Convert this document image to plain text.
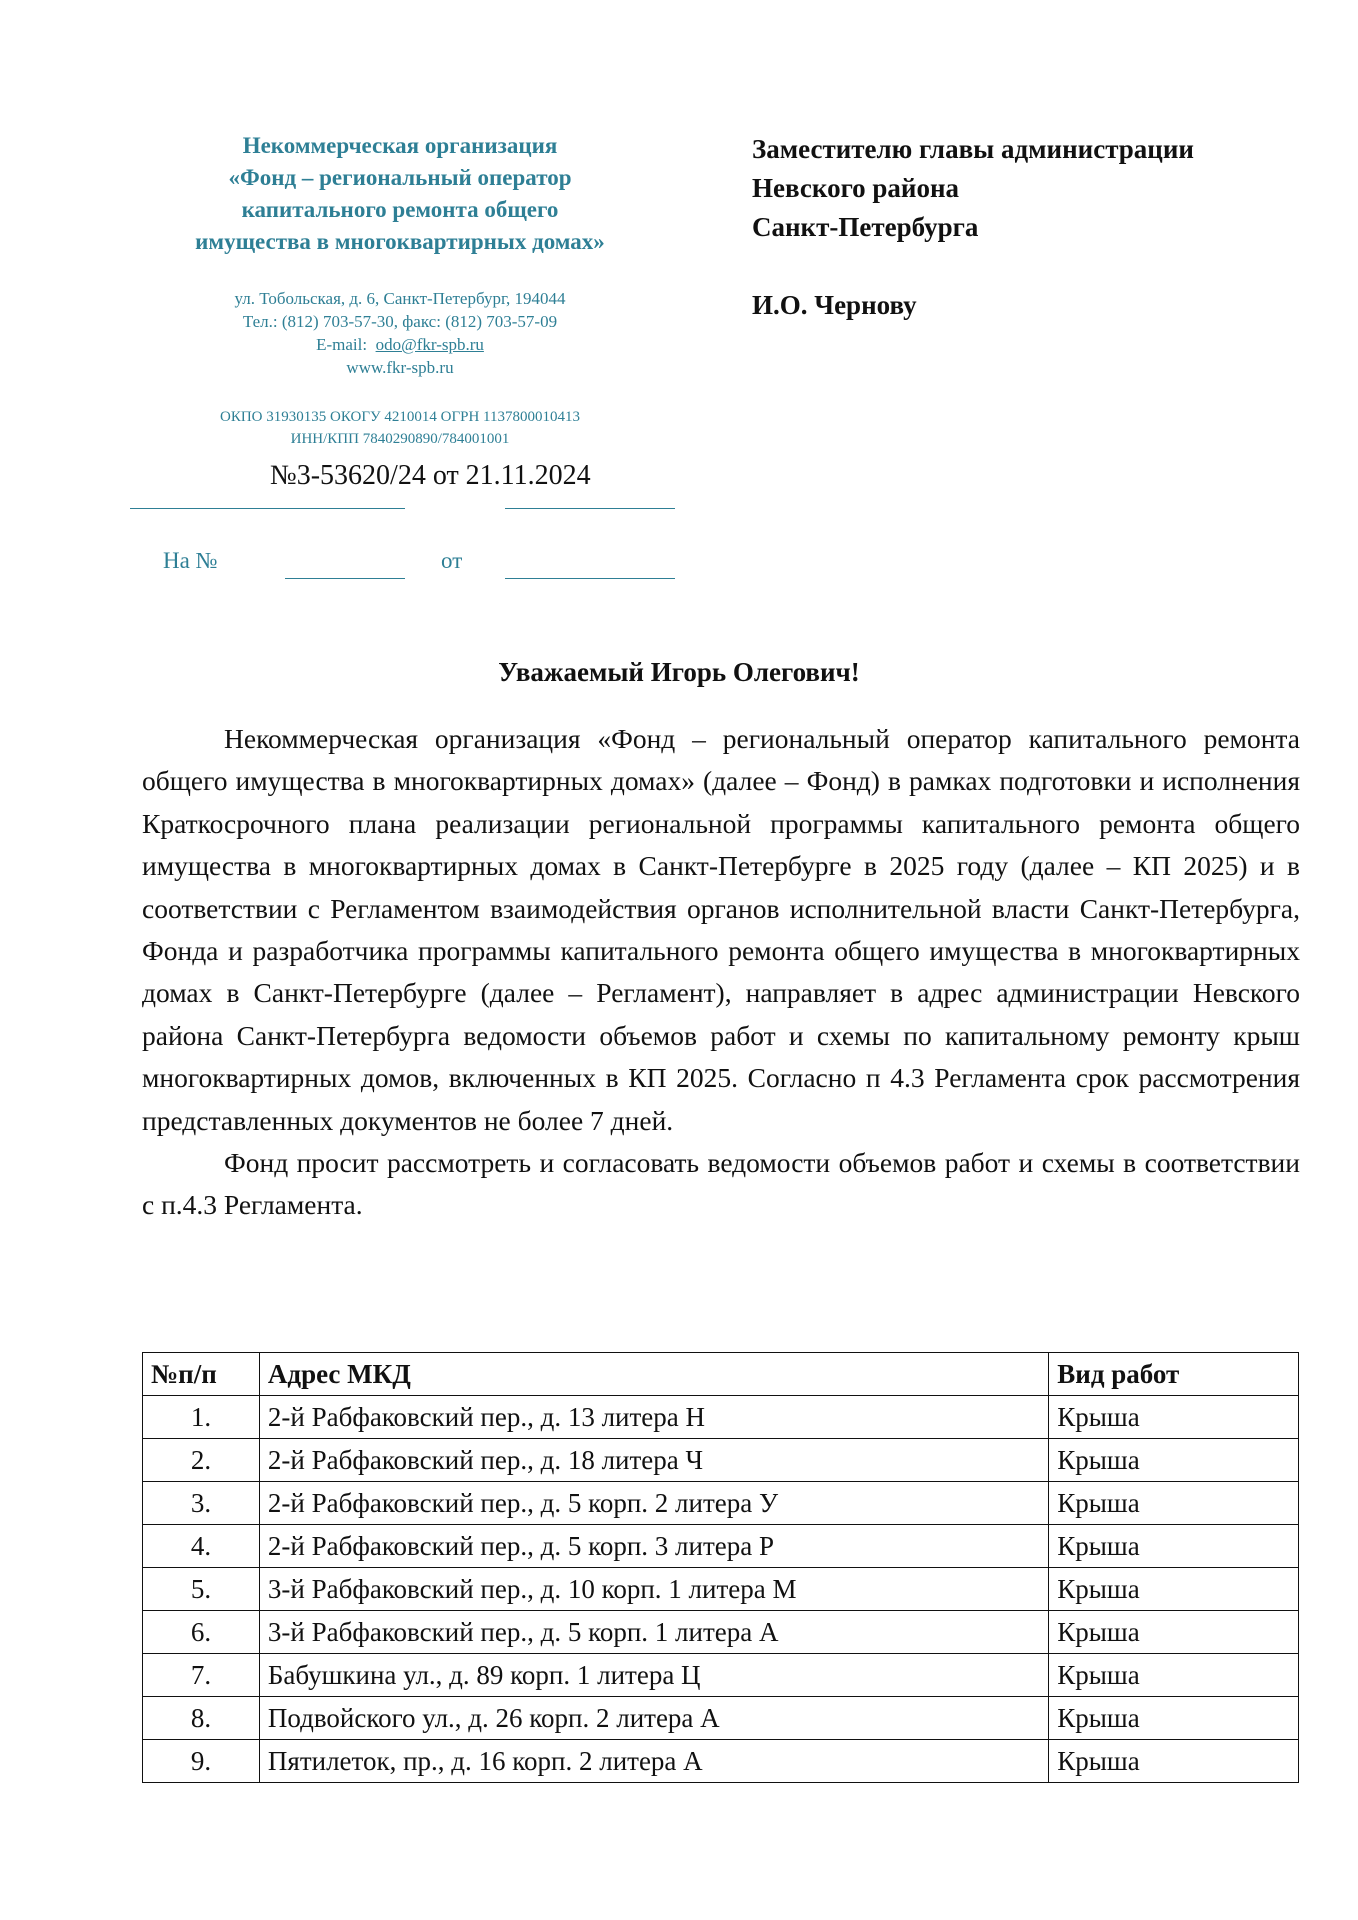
Некоммерческая организация
«Фонд – региональный оператор
капитального ремонта общего
имущества в многоквартирных домах»
ул. Тобольская, д. 6, Санкт-Петербург, 194044
Тел.: (812) 703-57-30, факс: (812) 703-57-09
E-mail: odo@fkr-spb.ru
www.fkr-spb.ru
ОКПО 31930135 ОКОГУ 4210014 ОГРН 1137800010413
ИНН/КПП 7840290890/784001001
№3-53620/24 от 21.11.2024
На №	от
Заместителю главы администрации
Невского района
Санкт-Петербурга
И.О. Чернову
Уважаемый Игорь Олегович!

Некоммерческая организация «Фонд – региональный оператор капитального ремонта общего имущества в многоквартирных домах» (далее – Фонд) в рамках подготовки и исполнения Краткосрочного плана реализации региональной программы капитального ремонта общего имущества в многоквартирных домах в Санкт-Петербурге в 2025 году (далее – КП 2025) и в соответствии с Регламентом взаимодействия органов исполнительной власти Санкт-Петербурга, Фонда и разработчика программы капитального ремонта общего имущества в многоквартирных домах в Санкт-Петербурге (далее – Регламент), направляет в адрес администрации Невского района Санкт-Петербурга ведомости объемов работ и схемы по капитальному ремонту крыш многоквартирных домов, включенных в КП 2025. Согласно п 4.3 Регламента срок рассмотрения представленных документов не более 7 дней.

Фонд просит рассмотреть и согласовать ведомости объемов работ и схемы в соответствии с п.4.3 Регламента.

№п/п	Адрес МКД	Вид работ
1.	2-й Рабфаковский пер., д. 13 литера Н	Крыша
2.	2-й Рабфаковский пер., д. 18 литера Ч	Крыша
3.	2-й Рабфаковский пер., д. 5 корп. 2 литера У	Крыша
4.	2-й Рабфаковский пер., д. 5 корп. 3 литера Р	Крыша
5.	3-й Рабфаковский пер., д. 10 корп. 1 литера М	Крыша
6.	3-й Рабфаковский пер., д. 5 корп. 1 литера А	Крыша
7.	Бабушкина ул., д. 89 корп. 1 литера Ц	Крыша
8.	Подвойского ул., д. 26 корп. 2 литера А	Крыша
9.	Пятилеток, пр., д. 16 корп. 2 литера А	Крыша
